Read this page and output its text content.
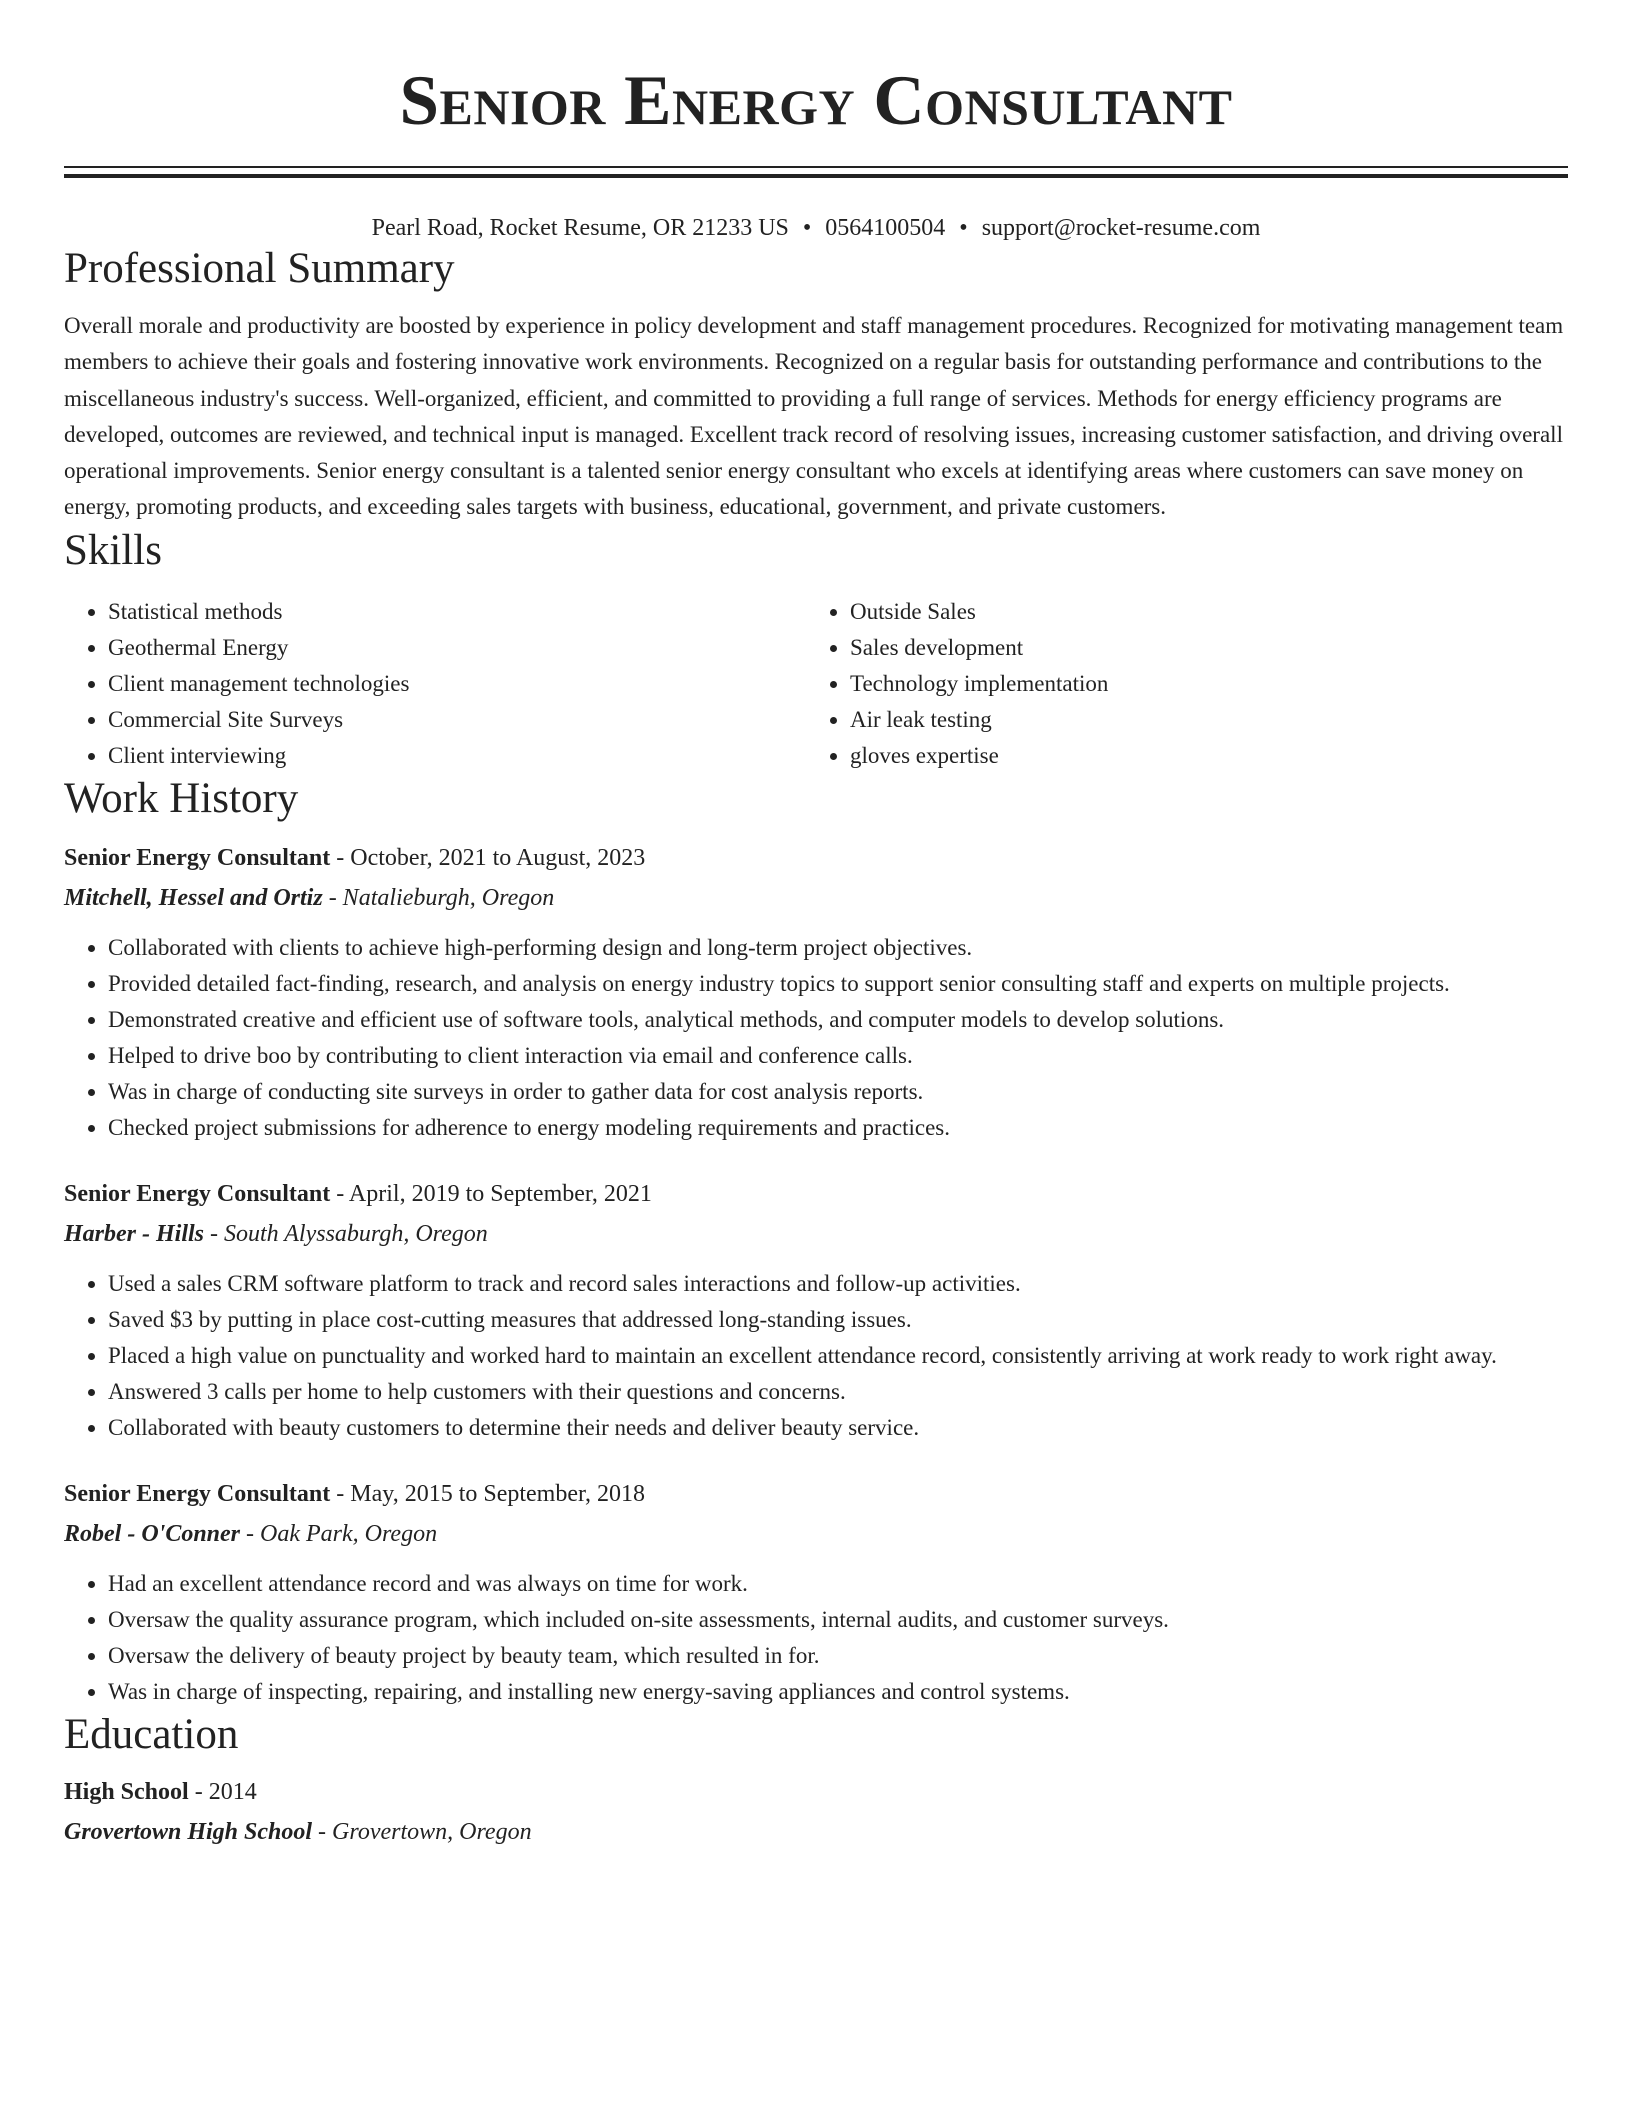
Senior Energy Consultant
Pearl Road, Rocket Resume, OR 21233 US • 0564100504 • support@rocket-resume.com
Professional Summary

Overall morale and productivity are boosted by experience in policy development and staff management procedures. Recognized for motivating management team members to achieve their goals and fostering innovative work environments. Recognized on a regular basis for outstanding performance and contributions to the miscellaneous industry's success. Well-organized, efficient, and committed to providing a full range of services. Methods for energy efficiency programs are developed, outcomes are reviewed, and technical input is managed. Excellent track record of resolving issues, increasing customer satisfaction, and driving overall operational improvements. Senior energy consultant is a talented senior energy consultant who excels at identifying areas where customers can save money on energy, promoting products, and exceeding sales targets with business, educational, government, and private customers.

Skills
• Statistical methods
• Geothermal Energy
• Client management technologies
• Commercial Site Surveys
• Client interviewing
• Outside Sales
• Sales development
• Technology implementation
• Air leak testing
• gloves expertise
Work History
Senior Energy Consultant - October, 2021 to August, 2023
Mitchell, Hessel and Ortiz - Natalieburgh, Oregon
• Collaborated with clients to achieve high-performing design and long-term project objectives.
• Provided detailed fact-finding, research, and analysis on energy industry topics to support senior consulting staff and experts on multiple projects.
• Demonstrated creative and efficient use of software tools, analytical methods, and computer models to develop solutions.
• Helped to drive boo by contributing to client interaction via email and conference calls.
• Was in charge of conducting site surveys in order to gather data for cost analysis reports.
• Checked project submissions for adherence to energy modeling requirements and practices.
Senior Energy Consultant - April, 2019 to September, 2021
Harber - Hills - South Alyssaburgh, Oregon
• Used a sales CRM software platform to track and record sales interactions and follow-up activities.
• Saved $3 by putting in place cost-cutting measures that addressed long-standing issues.
• Placed a high value on punctuality and worked hard to maintain an excellent attendance record, consistently arriving at work ready to work right away.
• Answered 3 calls per home to help customers with their questions and concerns.
• Collaborated with beauty customers to determine their needs and deliver beauty service.
Senior Energy Consultant - May, 2015 to September, 2018
Robel - O'Conner - Oak Park, Oregon
• Had an excellent attendance record and was always on time for work.
• Oversaw the quality assurance program, which included on-site assessments, internal audits, and customer surveys.
• Oversaw the delivery of beauty project by beauty team, which resulted in for.
• Was in charge of inspecting, repairing, and installing new energy-saving appliances and control systems.
Education
High School - 2014
Grovertown High School - Grovertown, Oregon
